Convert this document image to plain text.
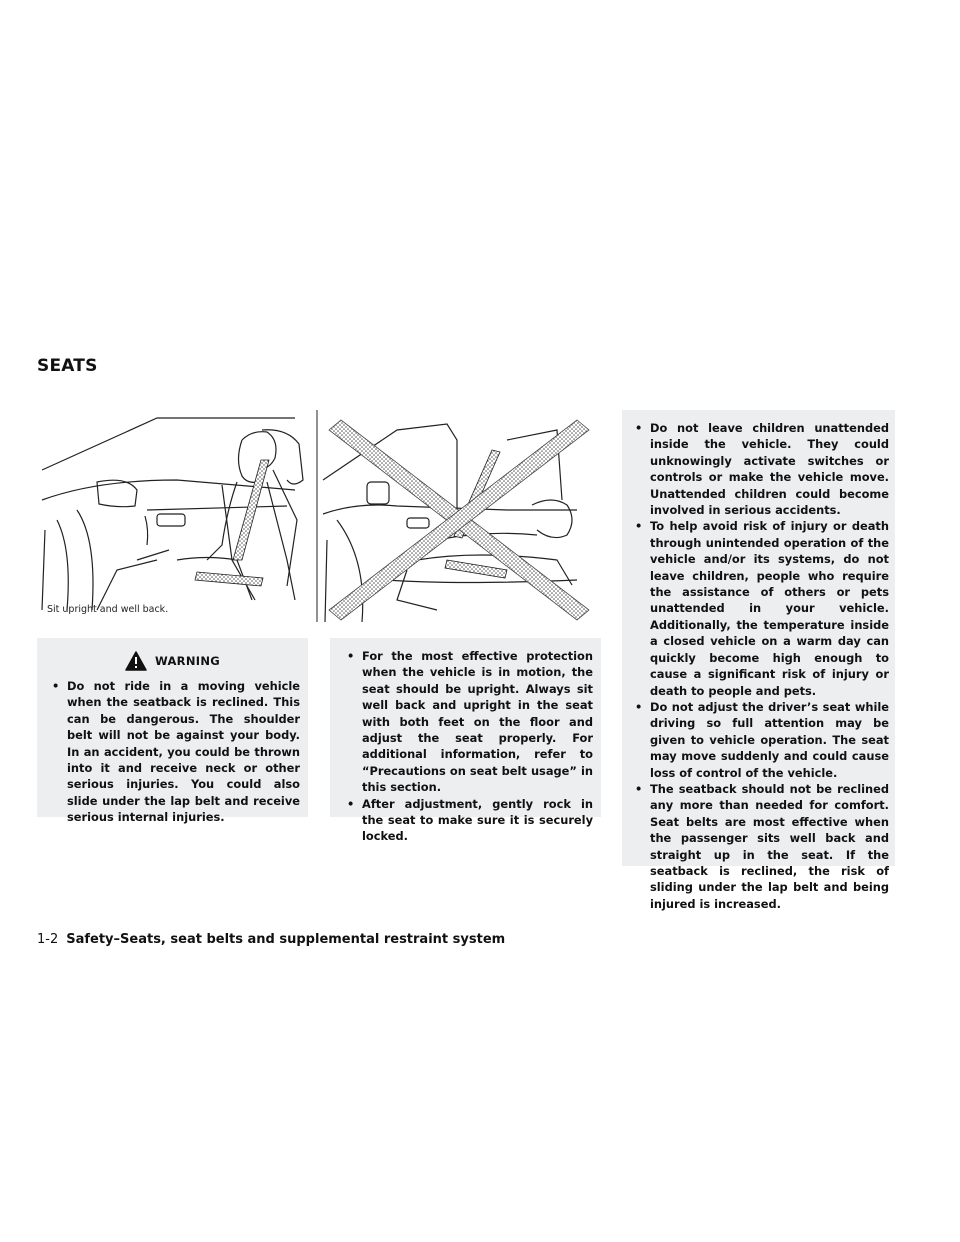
SEATS
Sit upright and well back.
WARNING
• Do not ride in a moving vehicle when the seatback is reclined. This can be dangerous. The shoulder belt will not be against your body. In an accident, you could be thrown into it and receive neck or other serious injuries. You could also slide under the lap belt and receive serious internal injuries.
• For the most effective protection when the vehicle is in motion, the seat should be upright. Always sit well back and upright in the seat with both feet on the floor and adjust the seat properly. For additional information, refer to “Precautions on seat belt usage” in this section.
• After adjustment, gently rock in the seat to make sure it is securely locked.
• Do not leave children unattended inside the vehicle. They could unknowingly activate switches or controls or make the vehicle move. Unattended children could become involved in serious accidents.
• To help avoid risk of injury or death through unintended operation of the vehicle and/or its systems, do not leave children, people who require the assistance of others or pets unattended in your vehicle. Additionally, the temperature inside a closed vehicle on a warm day can quickly become high enough to cause a significant risk of injury or death to people and pets.
• Do not adjust the driver’s seat while driving so full attention may be given to vehicle operation. The seat may move suddenly and could cause loss of control of the vehicle.
• The seatback should not be reclined any more than needed for comfort. Seat belts are most effective when the passenger sits well back and straight up in the seat. If the seatback is reclined, the risk of sliding under the lap belt and being injured is increased.
1-2 Safety–Seats, seat belts and supplemental restraint system
